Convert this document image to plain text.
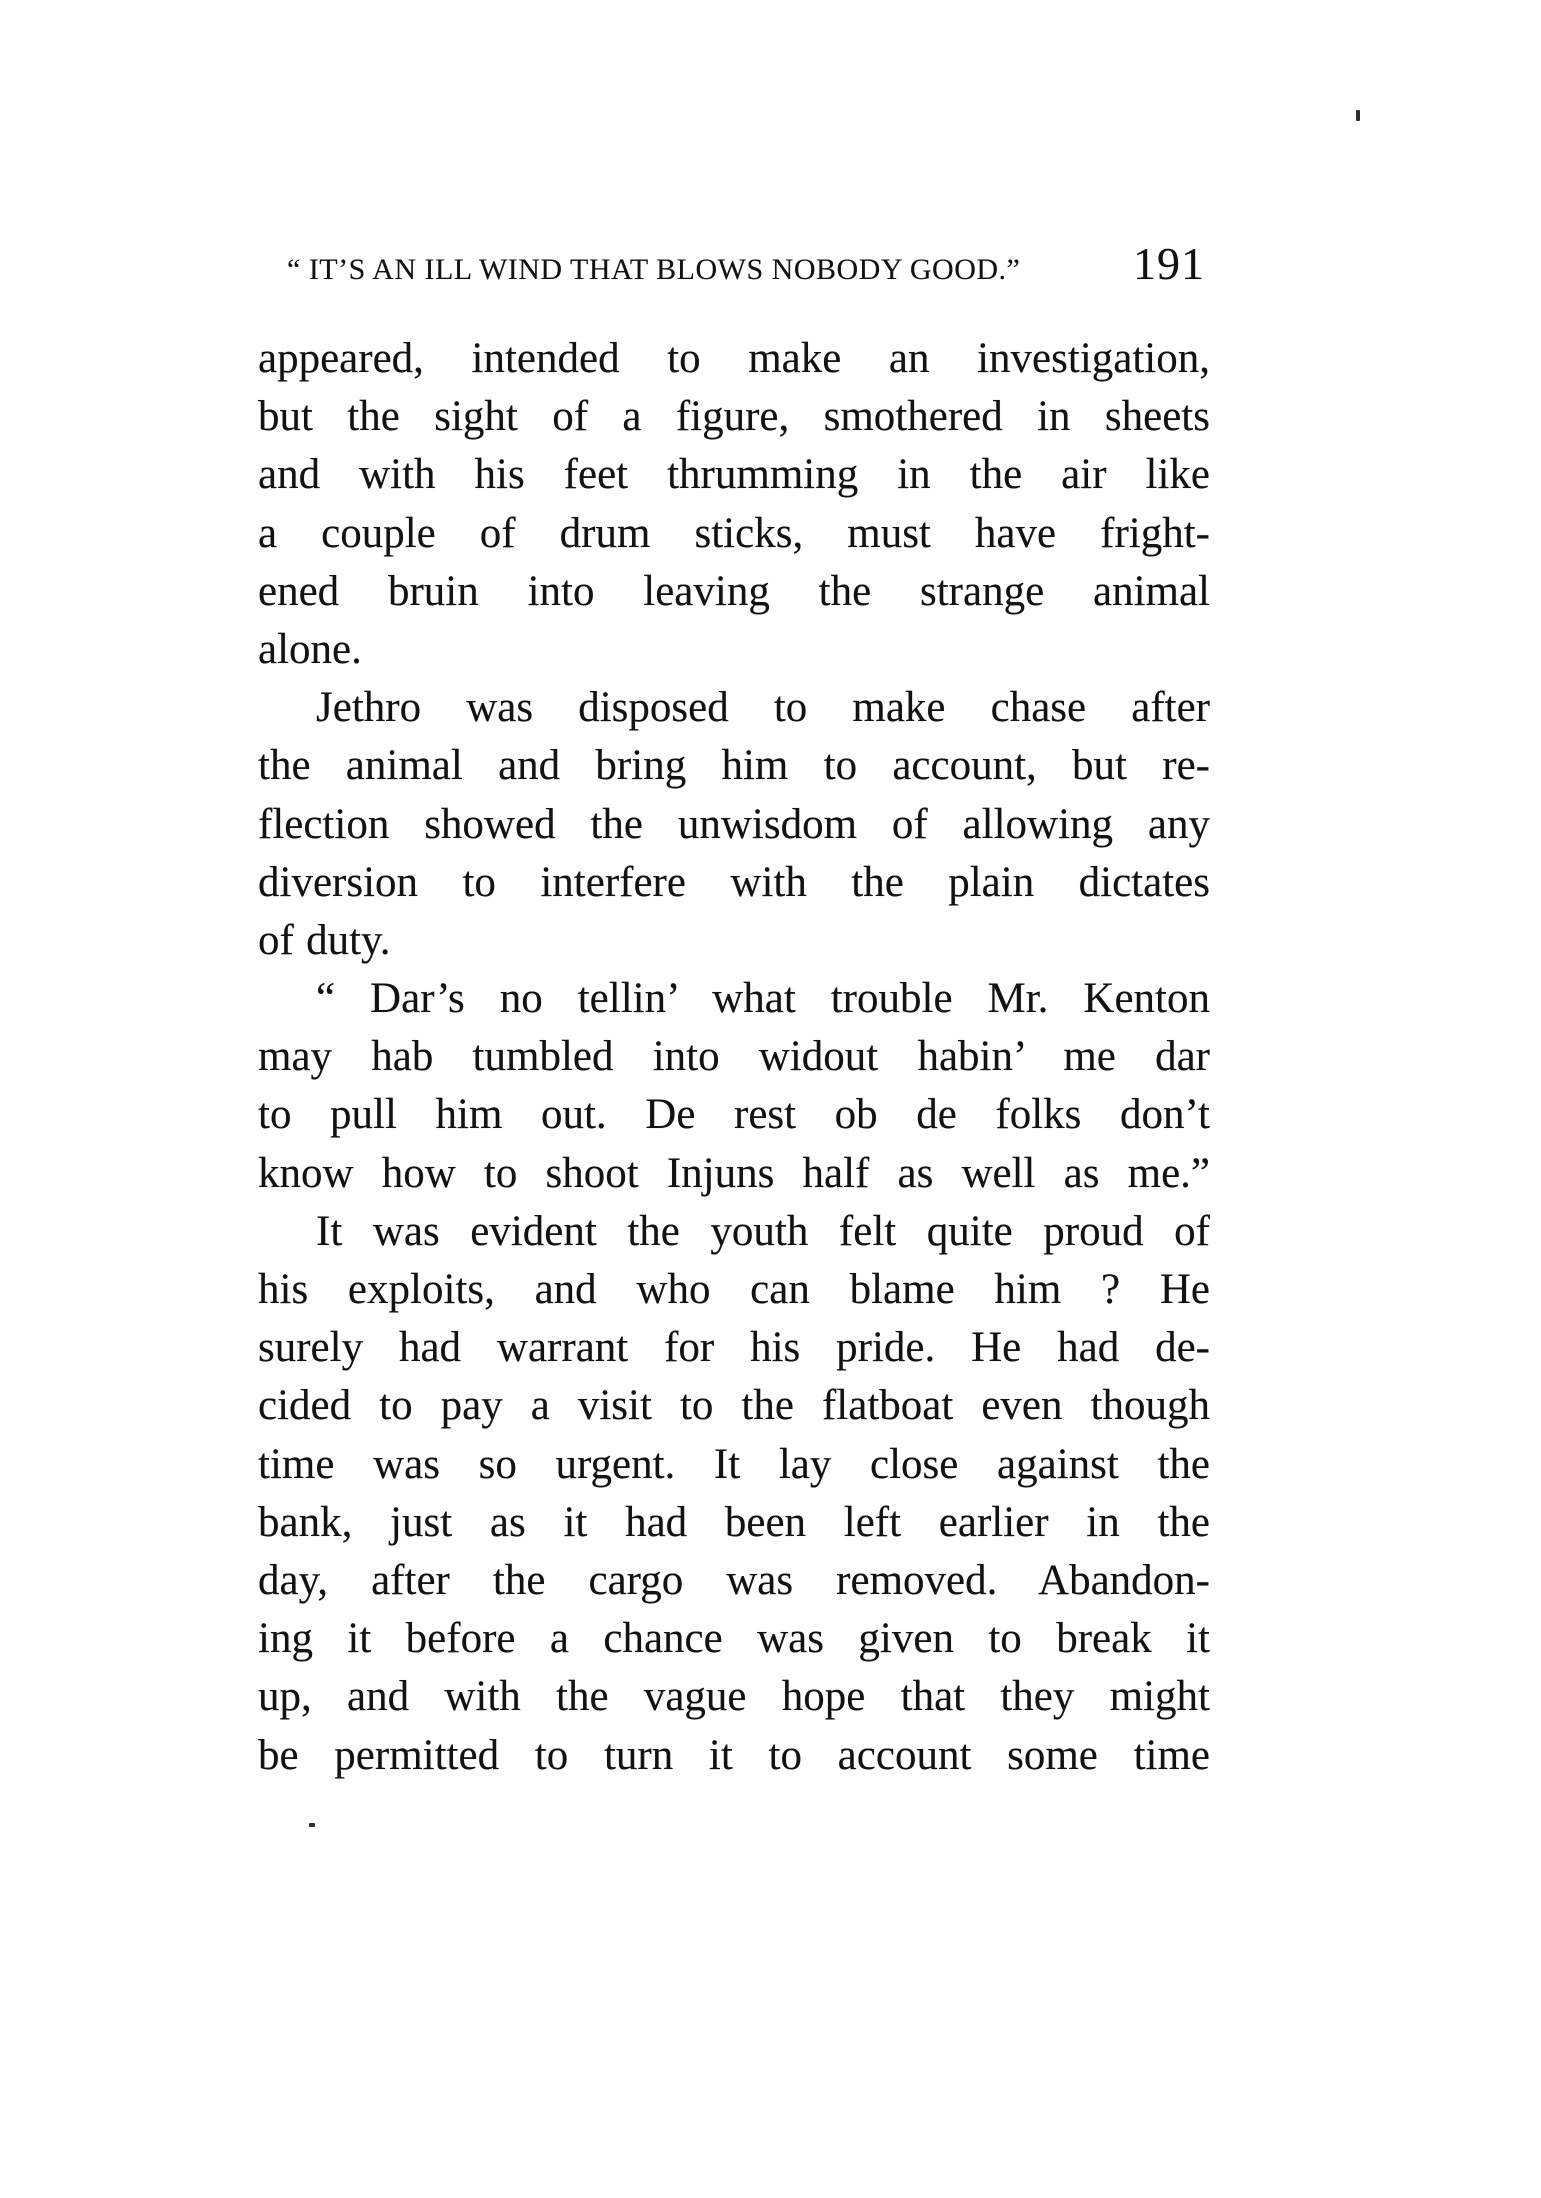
“ IT’S AN ILL WIND THAT BLOWS NOBODY GOOD.” 191
appeared, intended to make an investigation,
but the sight of a figure, smothered in sheets
and with his feet thrumming in the air like
a couple of drum sticks, must have fright-
ened bruin into leaving the strange animal
alone.
Jethro was disposed to make chase after
the animal and bring him to account, but re-
flection showed the unwisdom of allowing any
diversion to interfere with the plain dictates
of duty.
“ Dar’s no tellin’ what trouble Mr. Kenton
may hab tumbled into widout habin’ me dar
to pull him out. De rest ob de folks don’t
know how to shoot Injuns half as well as me.”
It was evident the youth felt quite proud of
his exploits, and who can blame him ? He
surely had warrant for his pride. He had de-
cided to pay a visit to the flatboat even though
time was so urgent. It lay close against the
bank, just as it had been left earlier in the
day, after the cargo was removed. Abandon-
ing it before a chance was given to break it
up, and with the vague hope that they might
be permitted to turn it to account some time
